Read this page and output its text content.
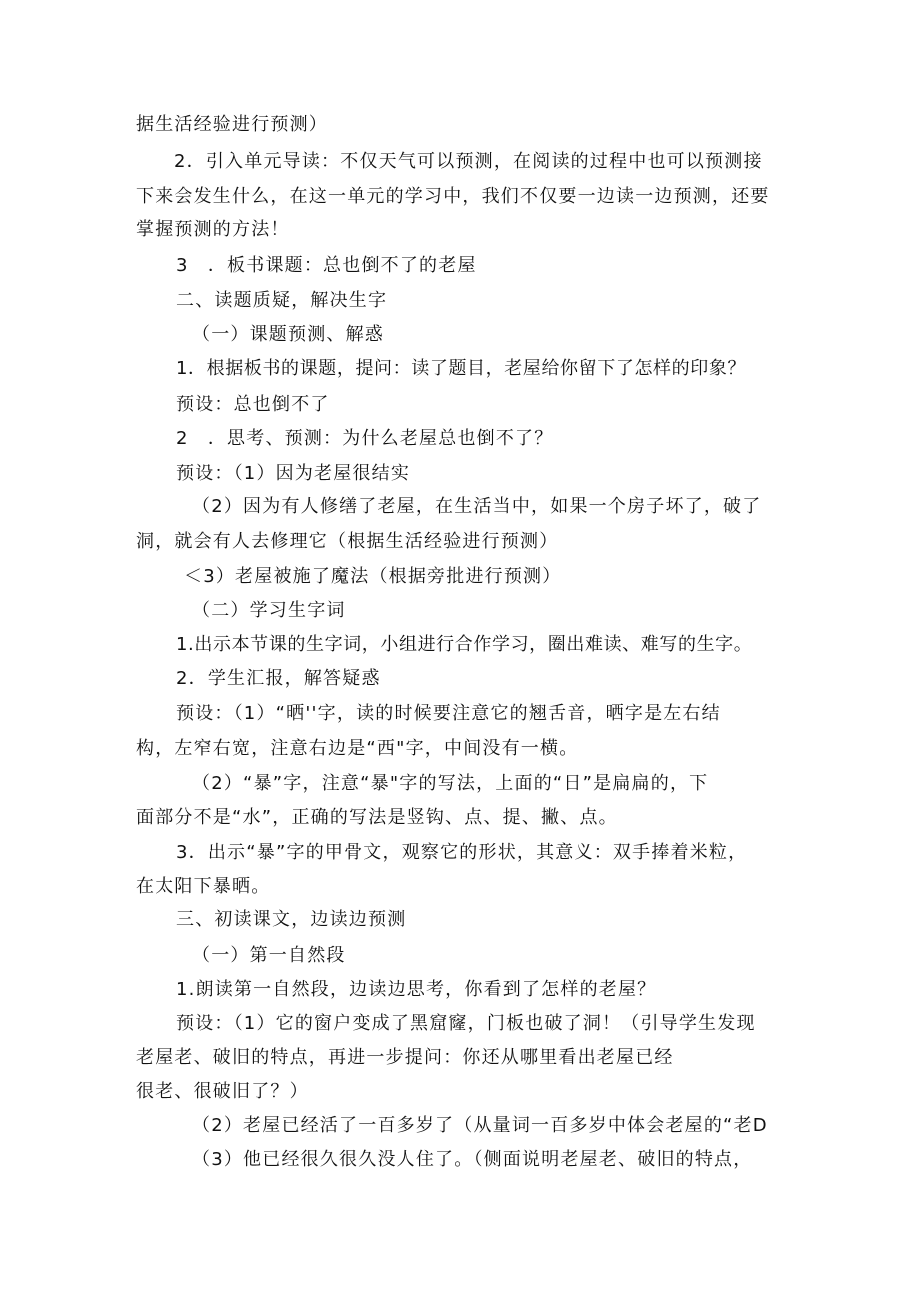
据生活经验进行预测）
2．引入单元导读：不仅天气可以预测，在阅读的过程中也可以预测接
下来会发生什么，在这一单元的学习中，我们不仅要一边读一边预测，还要
掌握预测的方法！
3　．板书课题：总也倒不了的老屋
二、读题质疑，解决生字
（一）课题预测、解惑
1．根据板书的课题，提问：读了题目，老屋给你留下了怎样的印象？
预设：总也倒不了
2　．思考、预测：为什么老屋总也倒不了？
预设：（1）因为老屋很结实
（2）因为有人修缮了老屋，在生活当中，如果一个房子坏了，破了
洞，就会有人去修理它（根据生活经验进行预测）
＜3）老屋被施了魔法（根据旁批进行预测）
（二）学习生字词
1.出示本节课的生字词，小组进行合作学习，圈出难读、难写的生字。
2．学生汇报，解答疑惑
预设：（1）“晒''字，读的时候要注意它的翘舌音，晒字是左右结
构，左窄右宽，注意右边是“西"字，中间没有一横。
（2）“暴”字，注意“暴"字的写法，上面的“日”是扁扁的，下
面部分不是“水”，正确的写法是竖钩、点、提、撇、点。
3．出示“暴”字的甲骨文，观察它的形状，其意义：双手捧着米粒，
在太阳下暴晒。
三、初读课文，边读边预测
（一）第一自然段
1.朗读第一自然段，边读边思考，你看到了怎样的老屋？
预设：（1）它的窗户变成了黑窟窿，门板也破了洞！（引导学生发现
老屋老、破旧的特点，再进一步提问：你还从哪里看出老屋已经
很老、很破旧了？）
（2）老屋已经活了一百多岁了（从量词一百多岁中体会老屋的“老D
（3）他已经很久很久没人住了。（侧面说明老屋老、破旧的特点，
